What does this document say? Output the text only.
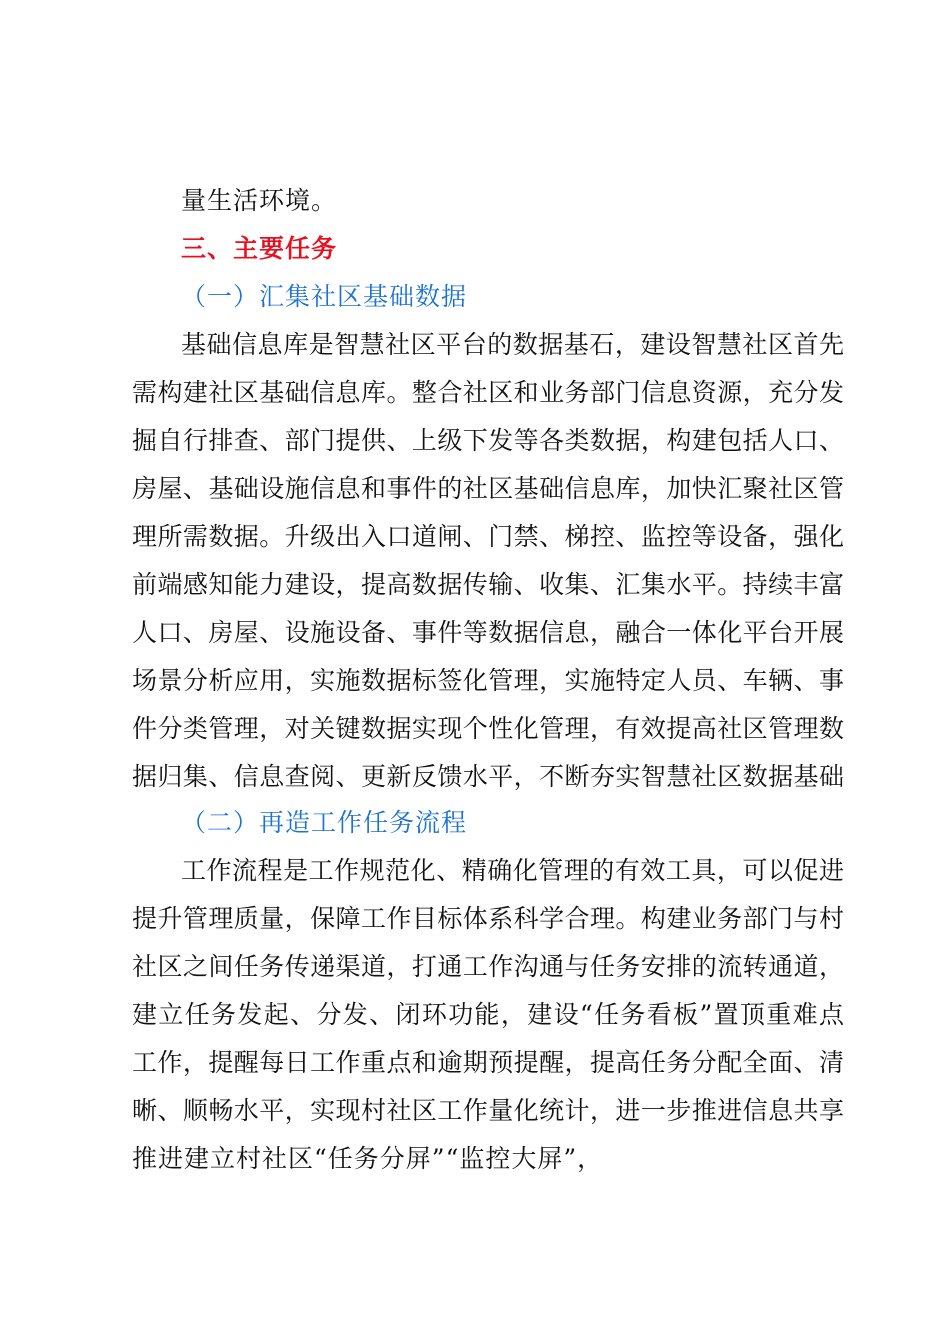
量生活环境。
三、主要任务
（一）汇集社区基础数据
基础信息库是智慧社区平台的数据基石，建设智慧社区首先
需构建社区基础信息库。整合社区和业务部门信息资源，充分发
掘自行排查、部门提供、上级下发等各类数据，构建包括人口、
房屋、基础设施信息和事件的社区基础信息库，加快汇聚社区管
理所需数据。升级出入口道闸、门禁、梯控、监控等设备，强化
前端感知能力建设，提高数据传输、收集、汇集水平。持续丰富
人口、房屋、设施设备、事件等数据信息，融合一体化平台开展
场景分析应用，实施数据标签化管理，实施特定人员、车辆、事
件分类管理，对关键数据实现个性化管理，有效提高社区管理数
据归集、信息查阅、更新反馈水平，不断夯实智慧社区数据基础
（二）再造工作任务流程
工作流程是工作规范化、精确化管理的有效工具，可以促进
提升管理质量，保障工作目标体系科学合理。构建业务部门与村
社区之间任务传递渠道，打通工作沟通与任务安排的流转通道，
建立任务发起、分发、闭环功能，建设“任务看板”置顶重难点
工作，提醒每日工作重点和逾期预提醒，提高任务分配全面、清
晰、顺畅水平，实现村社区工作量化统计，进一步推进信息共享
推进建立村社区“任务分屏”“监控大屏”，
